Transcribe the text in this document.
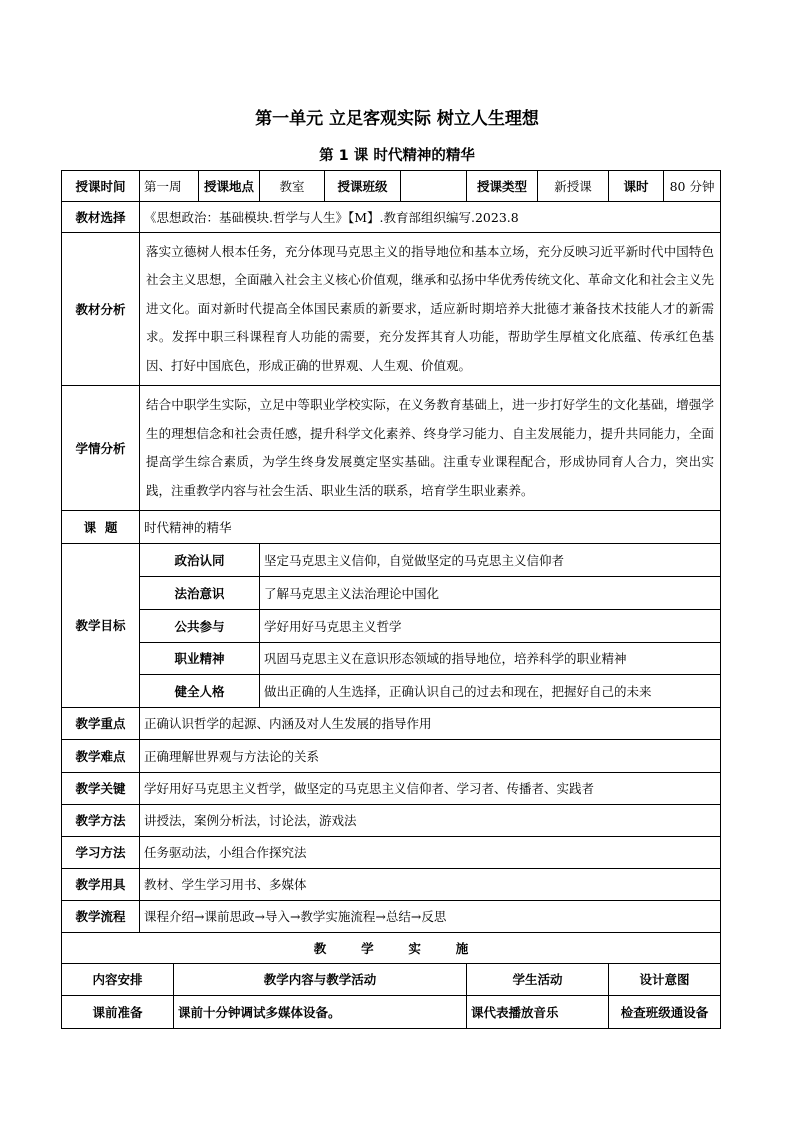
第一单元 立足客观实际 树立人生理想
第 1 课 时代精神的精华
授课时间	第一周		授课地点	教室	授课班级		授课类型	新授课	课时	80 分钟
教材选择	《思想政治：基础模块.哲学与人生》【M】.教育部组织编写.2023.8									
教材分析	落实立德树人根本任务，充分体现马克思主义的指导地位和基本立场，充分反映习近平新时代中国特色社会主义思想，全面融入社会主义核心价值观，继承和弘扬中华优秀传统文化、革命文化和社会主义先进文化。面对新时代提高全体国民素质的新要求，适应新时期培养大批德才兼备技术技能人才的新需求。发挥中职三科课程育人功能的需要，充分发挥其育人功能，帮助学生厚植文化底蕴、传承红色基因、打好中国底色，形成正确的世界观、人生观、价值观。									
学情分析	结合中职学生实际，立足中等职业学校实际，在义务教育基础上，进一步打好学生的文化基础，增强学生的理想信念和社会责任感，提升科学文化素养、终身学习能力、自主发展能力，提升共同能力，全面提高学生综合素质，为学生终身发展奠定坚实基础。注重专业课程配合，形成协同育人合力，突出实践，注重教学内容与社会生活、职业生活的联系，培育学生职业素养。									
课  题	时代精神的精华									
教学目标	政治认同			坚定马克思主义信仰，自觉做坚定的马克思主义信仰者						
	法治意识			了解马克思主义法治理论中国化						
	公共参与			学好用好马克思主义哲学						
	职业精神			巩固马克思主义在意识形态领域的指导地位，培养科学的职业精神						
	健全人格			做出正确的人生选择，正确认识自己的过去和现在，把握好自己的未来						
教学重点	正确认识哲学的起源、内涵及对人生发展的指导作用									
教学难点	正确理解世界观与方法论的关系									
教学关键	学好用好马克思主义哲学，做坚定的马克思主义信仰者、学习者、传播者、实践者									
教学方法	讲授法，案例分析法，讨论法，游戏法									
学习方法	任务驱动法，小组合作探究法									
教学用具	教材、学生学习用书、多媒体									
教学流程	课程介绍→课前思政→导入→教学实施流程→总结→反思									
教        学        实        施										
内容安排		教学内容与教学活动					学生活动		设计意图	
课前准备		课前十分钟调试多媒体设备。					课代表播放音乐		检查班级通设备	
